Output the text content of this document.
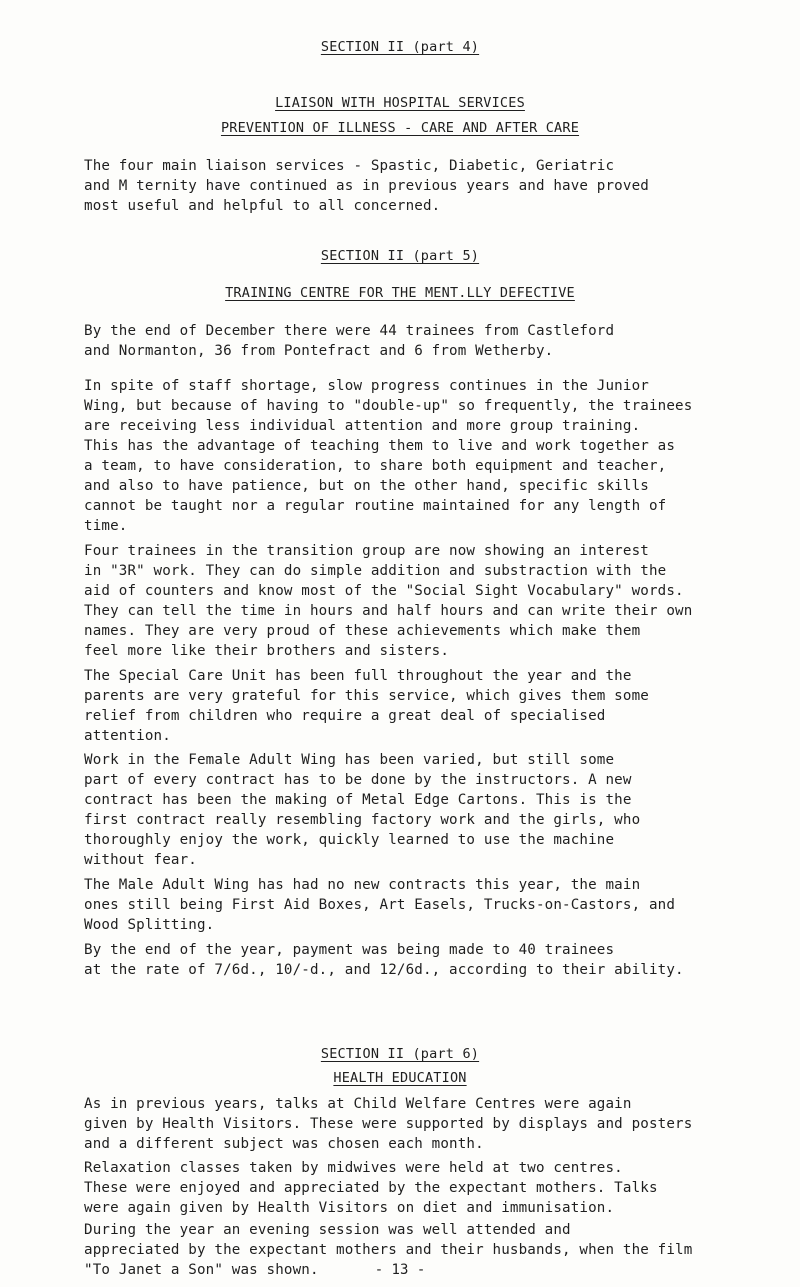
SECTION II (part 4)
LIAISON WITH HOSPITAL SERVICES
PREVENTION OF ILLNESS - CARE AND AFTER CARE
The four main liaison services - Spastic, Diabetic, Geriatric
and M ternity have continued as in previous years and have proved
most useful and helpful to all concerned.
SECTION II (part 5)
TRAINING CENTRE FOR THE MENT.LLY DEFECTIVE
By the end of December there were 44 trainees from Castleford
and Normanton, 36 from Pontefract and 6 from Wetherby.
In spite of staff shortage, slow progress continues in the Junior
Wing, but because of having to "double-up" so frequently, the trainees
are receiving less individual attention and more group training.
This has the advantage of teaching them to live and work together as
a team, to have consideration, to share both equipment and teacher,
and also to have patience, but on the other hand, specific skills
cannot be taught nor a regular routine maintained for any length of
time.
Four trainees in the transition group are now showing an interest
in "3R" work. They can do simple addition and substraction with the
aid of counters and know most of the "Social Sight Vocabulary" words.
They can tell the time in hours and half hours and can write their own
names. They are very proud of these achievements which make them
feel more like their brothers and sisters.
The Special Care Unit has been full throughout the year and the
parents are very grateful for this service, which gives them some
relief from children who require a great deal of specialised
attention.
Work in the Female Adult Wing has been varied, but still some
part of every contract has to be done by the instructors. A new
contract has been the making of Metal Edge Cartons. This is the
first contract really resembling factory work and the girls, who
thoroughly enjoy the work, quickly learned to use the machine
without fear.
The Male Adult Wing has had no new contracts this year, the main
ones still being First Aid Boxes, Art Easels, Trucks-on-Castors, and
Wood Splitting.
By the end of the year, payment was being made to 40 trainees
at the rate of 7/6d., 10/-d., and 12/6d., according to their ability.
SECTION II (part 6)
HEALTH EDUCATION
As in previous years, talks at Child Welfare Centres were again
given by Health Visitors. These were supported by displays and posters
and a different subject was chosen each month.
Relaxation classes taken by midwives were held at two centres.
These were enjoyed and appreciated by the expectant mothers. Talks
were again given by Health Visitors on diet and immunisation.
During the year an evening session was well attended and
appreciated by the expectant mothers and their husbands, when the film
"To Janet a Son" was shown.	- 13 -
